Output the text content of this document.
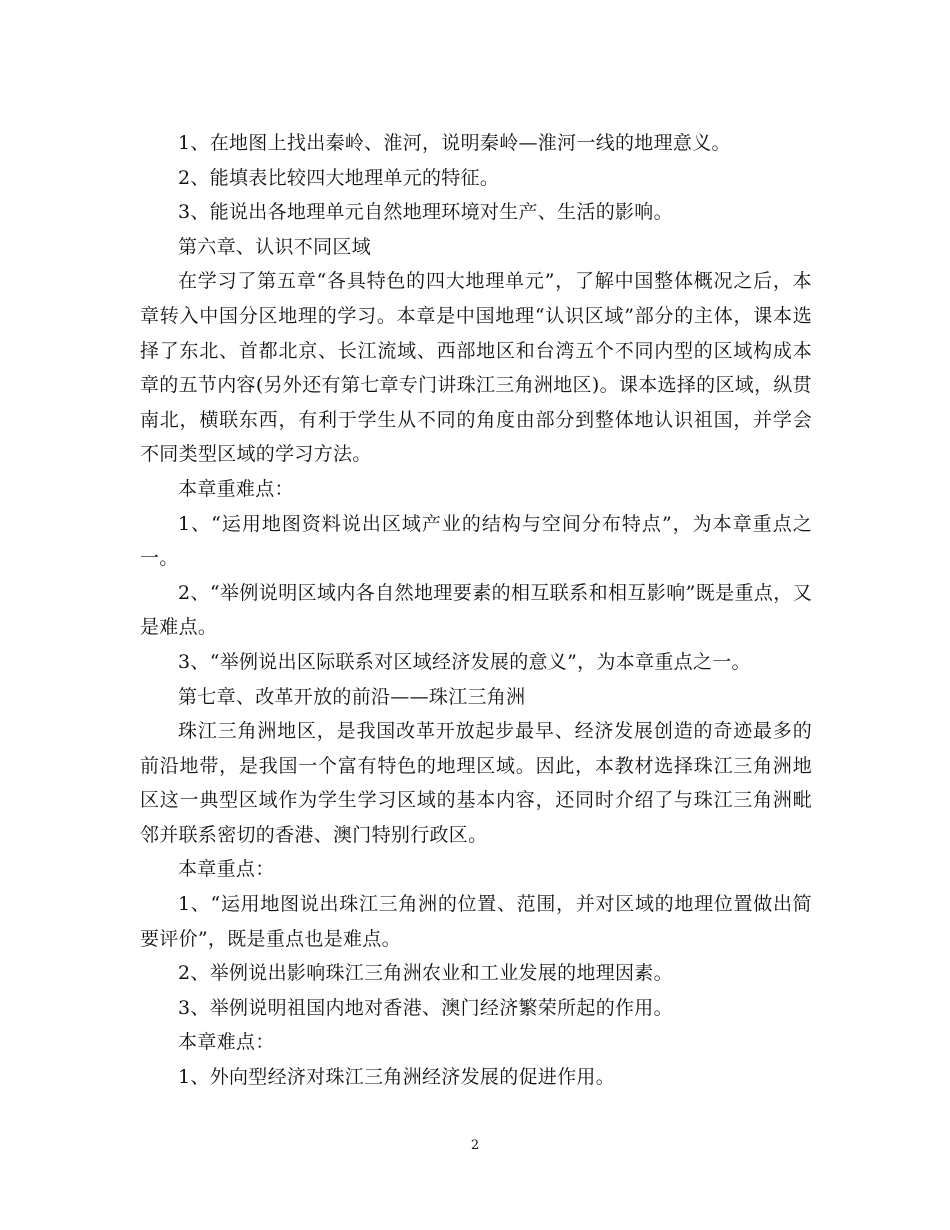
1、在地图上找出秦岭、淮河，说明秦岭—淮河一线的地理意义。

2、能填表比较四大地理单元的特征。

3、能说出各地理单元自然地理环境对生产、生活的影响。

第六章、认识不同区域

在学习了第五章“各具特色的四大地理单元”，了解中国整体概况之后，本章转入中国分区地理的学习。本章是中国地理“认识区域”部分的主体，课本选择了东北、首都北京、长江流域、西部地区和台湾五个不同内型的区域构成本章的五节内容(另外还有第七章专门讲珠江三角洲地区)。课本选择的区域，纵贯南北，横联东西，有利于学生从不同的角度由部分到整体地认识祖国，并学会不同类型区域的学习方法。

本章重难点：

1、“运用地图资料说出区域产业的结构与空间分布特点”，为本章重点之一。

2、“举例说明区域内各自然地理要素的相互联系和相互影响”既是重点，又是难点。

3、“举例说出区际联系对区域经济发展的意义”，为本章重点之一。

第七章、改革开放的前沿——珠江三角洲

珠江三角洲地区，是我国改革开放起步最早、经济发展创造的奇迹最多的前沿地带，是我国一个富有特色的地理区域。因此，本教材选择珠江三角洲地区这一典型区域作为学生学习区域的基本内容，还同时介绍了与珠江三角洲毗邻并联系密切的香港、澳门特别行政区。

本章重点：

1、“运用地图说出珠江三角洲的位置、范围，并对区域的地理位置做出简要评价”，既是重点也是难点。

2、举例说出影响珠江三角洲农业和工业发展的地理因素。

3、举例说明祖国内地对香港、澳门经济繁荣所起的作用。

本章难点：

1、外向型经济对珠江三角洲经济发展的促进作用。

2
